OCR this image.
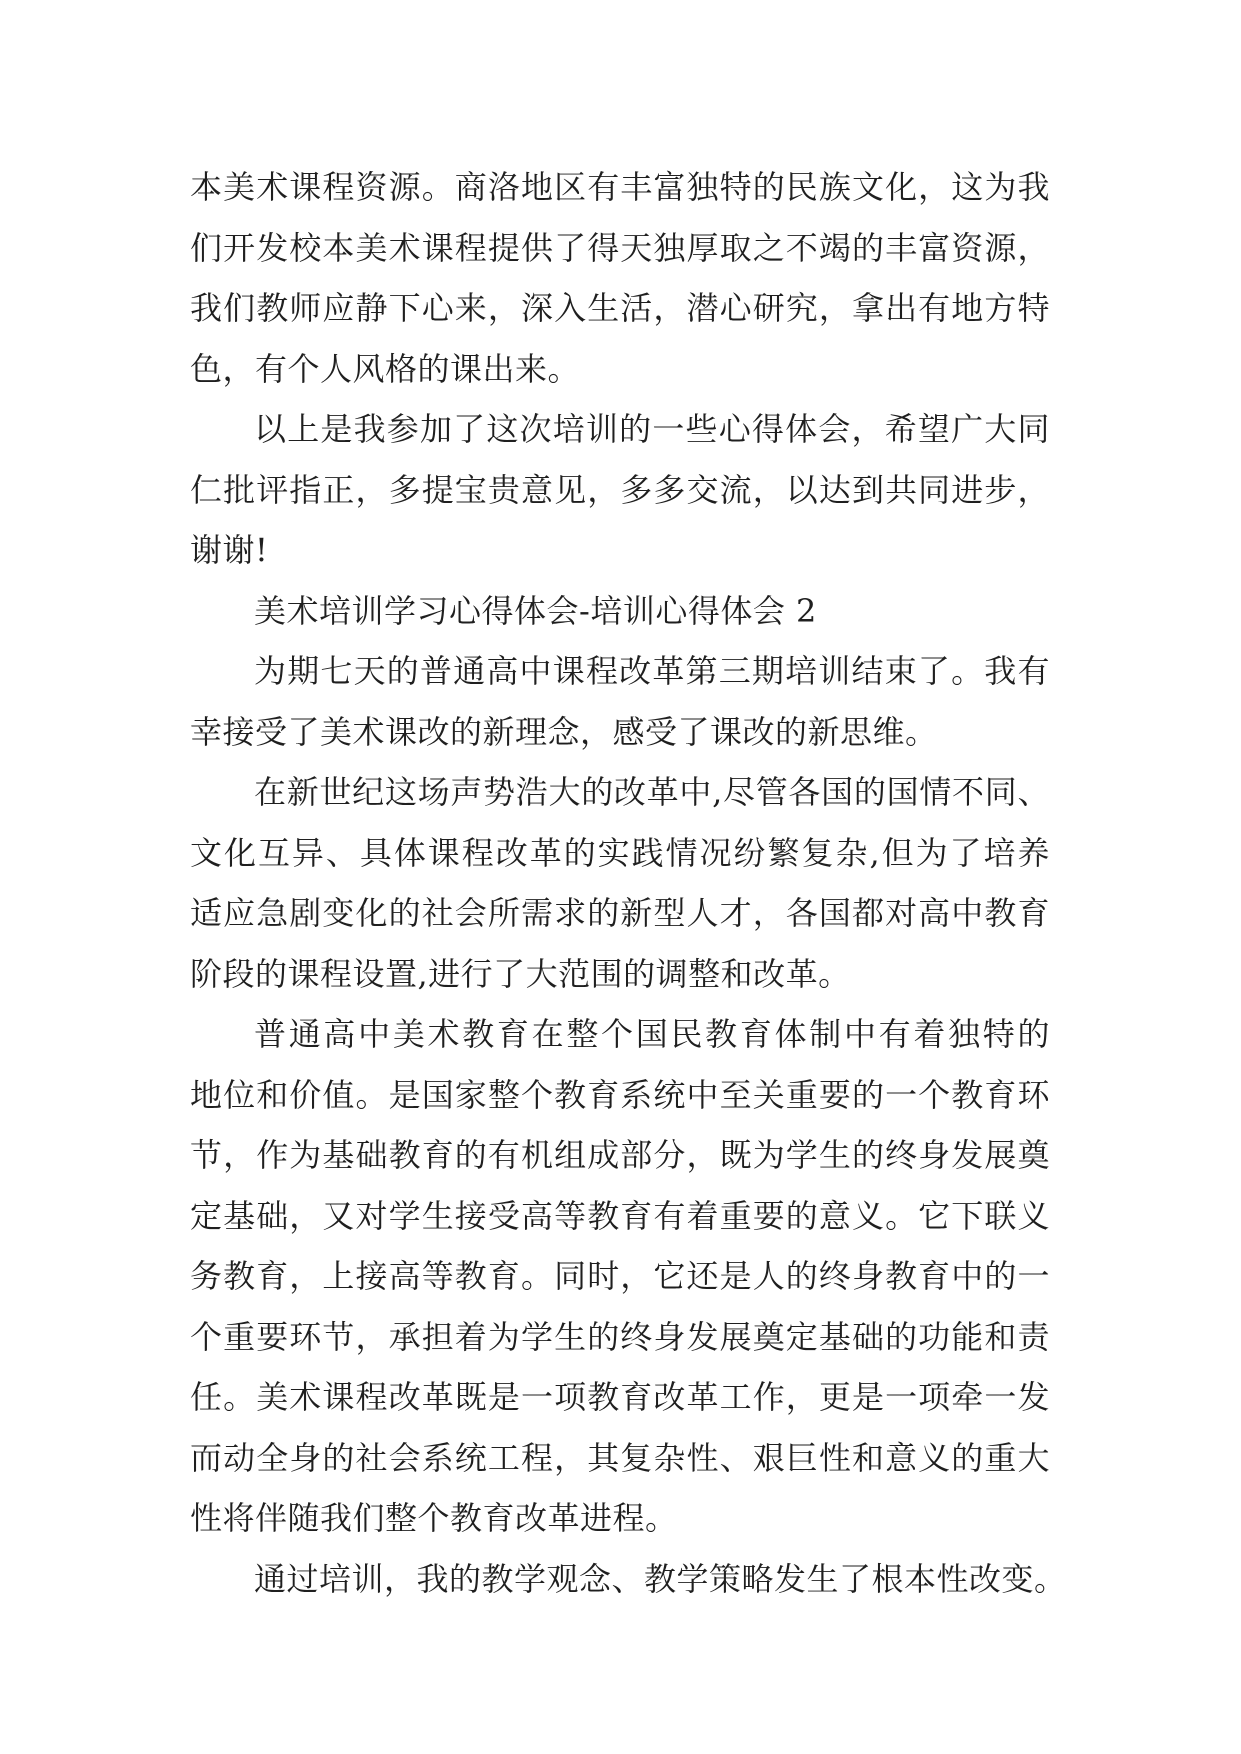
本美术课程资源。商洛地区有丰富独特的民族文化，这为我
们开发校本美术课程提供了得天独厚取之不竭的丰富资源，
我们教师应静下心来，深入生活，潜心研究，拿出有地方特
色，有个人风格的课出来。
以上是我参加了这次培训的一些心得体会，希望广大同
仁批评指正，多提宝贵意见，多多交流，以达到共同进步，
谢谢!
美术培训学习心得体会-培训心得体会 2
为期七天的普通高中课程改革第三期培训结束了。我有
幸接受了美术课改的新理念，感受了课改的新思维。
在新世纪这场声势浩大的改革中,尽管各国的国情不同、
文化互异、具体课程改革的实践情况纷繁复杂,但为了培养
适应急剧变化的社会所需求的新型人才，各国都对高中教育
阶段的课程设置,进行了大范围的调整和改革。
普通高中美术教育在整个国民教育体制中有着独特的
地位和价值。是国家整个教育系统中至关重要的一个教育环
节，作为基础教育的有机组成部分，既为学生的终身发展奠
定基础，又对学生接受高等教育有着重要的意义。它下联义
务教育，上接高等教育。同时，它还是人的终身教育中的一
个重要环节，承担着为学生的终身发展奠定基础的功能和责
任。美术课程改革既是一项教育改革工作，更是一项牵一发
而动全身的社会系统工程，其复杂性、艰巨性和意义的重大
性将伴随我们整个教育改革进程。
通过培训，我的教学观念、教学策略发生了根本性改变。
